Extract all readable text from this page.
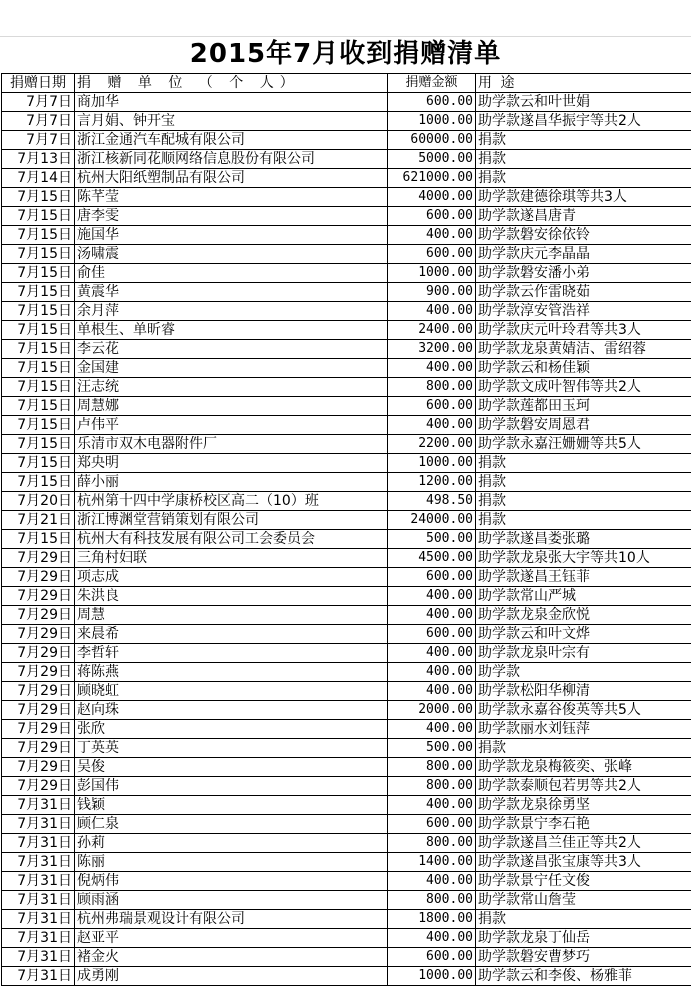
2015年7月收到捐赠清单
捐赠日期	捐 赠 单 位 （ 个 人）	捐赠金额	用 途
7月7日	商加华	600.00	助学款云和叶世娟
7月7日	言月娟、钟开宝	1000.00	助学款遂昌华振宇等共2人
7月7日	浙江金通汽车配城有限公司	60000.00	捐款
7月13日	浙江核新同花顺网络信息股份有限公司	5000.00	捐款
7月14日	杭州大阳纸塑制品有限公司	621000.00	捐款
7月15日	陈芊莹	4000.00	助学款建德徐琪等共3人
7月15日	唐李雯	600.00	助学款遂昌唐青
7月15日	施国华	400.00	助学款磐安徐依铃
7月15日	汤啸震	600.00	助学款庆元李晶晶
7月15日	俞佳	1000.00	助学款磐安潘小弟
7月15日	黄震华	900.00	助学款云作雷晓茹
7月15日	余月萍	400.00	助学款淳安管浩祥
7月15日	单根生、单昕睿	2400.00	助学款庆元叶玲君等共3人
7月15日	李云花	3200.00	助学款龙泉黄婧洁、雷绍蓉
7月15日	金国建	400.00	助学款云和杨佳颖
7月15日	汪志统	800.00	助学款文成叶智伟等共2人
7月15日	周慧娜	600.00	助学款莲都田玉珂
7月15日	卢伟平	400.00	助学款磐安周恩君
7月15日	乐清市双木电器附件厂	2200.00	助学款永嘉汪姗姗等共5人
7月15日	郑央明	1000.00	捐款
7月15日	薛小丽	1200.00	捐款
7月20日	杭州第十四中学康桥校区高二（10）班	498.50	捐款
7月21日	浙江博渊堂营销策划有限公司	24000.00	捐款
7月15日	杭州大有科技发展有限公司工会委员会	500.00	助学款遂昌娄张璐
7月29日	三角村妇联	4500.00	助学款龙泉张大宇等共10人
7月29日	项志成	600.00	助学款遂昌王钰菲
7月29日	朱洪良	400.00	助学款常山严城
7月29日	周慧	400.00	助学款龙泉金欣悦
7月29日	来晨希	600.00	助学款云和叶文烨
7月29日	李哲轩	400.00	助学款龙泉叶宗有
7月29日	蒋陈燕	400.00	助学款
7月29日	顾晓虹	400.00	助学款松阳华柳清
7月29日	赵向珠	2000.00	助学款永嘉谷俊英等共5人
7月29日	张欣	400.00	助学款丽水刘钰萍
7月29日	丁英英	500.00	捐款
7月29日	吴俊	800.00	助学款龙泉梅筱奕、张峰
7月29日	彭国伟	800.00	助学款泰顺包若男等共2人
7月31日	钱颖	400.00	助学款龙泉徐勇坚
7月31日	顾仁泉	600.00	助学款景宁李石艳
7月31日	孙莉	800.00	助学款遂昌兰佳正等共2人
7月31日	陈丽	1400.00	助学款遂昌张宝康等共3人
7月31日	倪炳伟	400.00	助学款景宁任文俊
7月31日	顾雨涵	800.00	助学款常山詹莹
7月31日	杭州弗瑞景观设计有限公司	1800.00	捐款
7月31日	赵亚平	400.00	助学款龙泉丁仙岳
7月31日	褚金火	600.00	助学款磐安曹梦巧
7月31日	成勇刚	1000.00	助学款云和李俊、杨雅菲
